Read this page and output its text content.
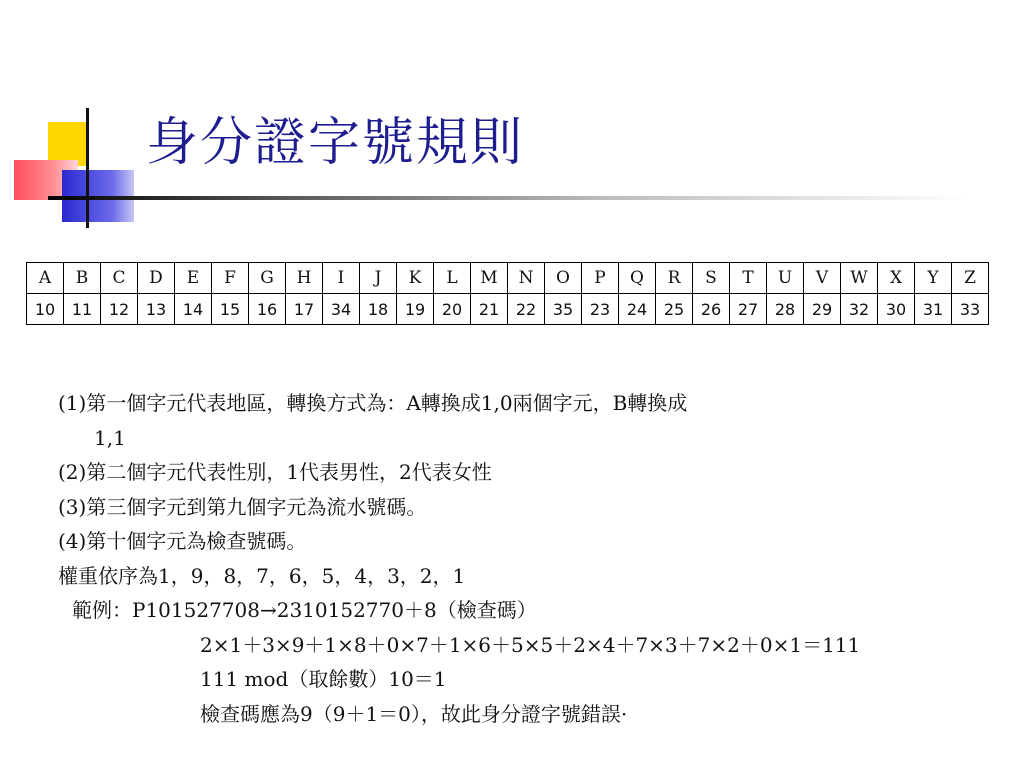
身分證字號規則
A	B	C	D	E	F	G	H	I	J	K	L	M	N	O	P	Q	R	S	T	U	V	W	X	Y	Z
10	11	12	13	14	15	16	17	34	18	19	20	21	22	35	23	24	25	26	27	28	29	32	30	31	33
(1)第一個字元代表地區，轉換方式為：A轉換成1,0兩個字元，B轉換成
1,1
(2)第二個字元代表性別，1代表男性，2代表女性
(3)第三個字元到第九個字元為流水號碼。
(4)第十個字元為檢查號碼。
權重依序為1，9，8，7，6，5，4，3，2，1
範例：P101527708→2310152770＋8（檢查碼）
2×1＋3×9＋1×8＋0×7＋1×6＋5×5＋2×4＋7×3＋7×2＋0×1＝111
111 mod（取餘數）10＝1
檢查碼應為9（9＋1＝0），故此身分證字號錯誤·
